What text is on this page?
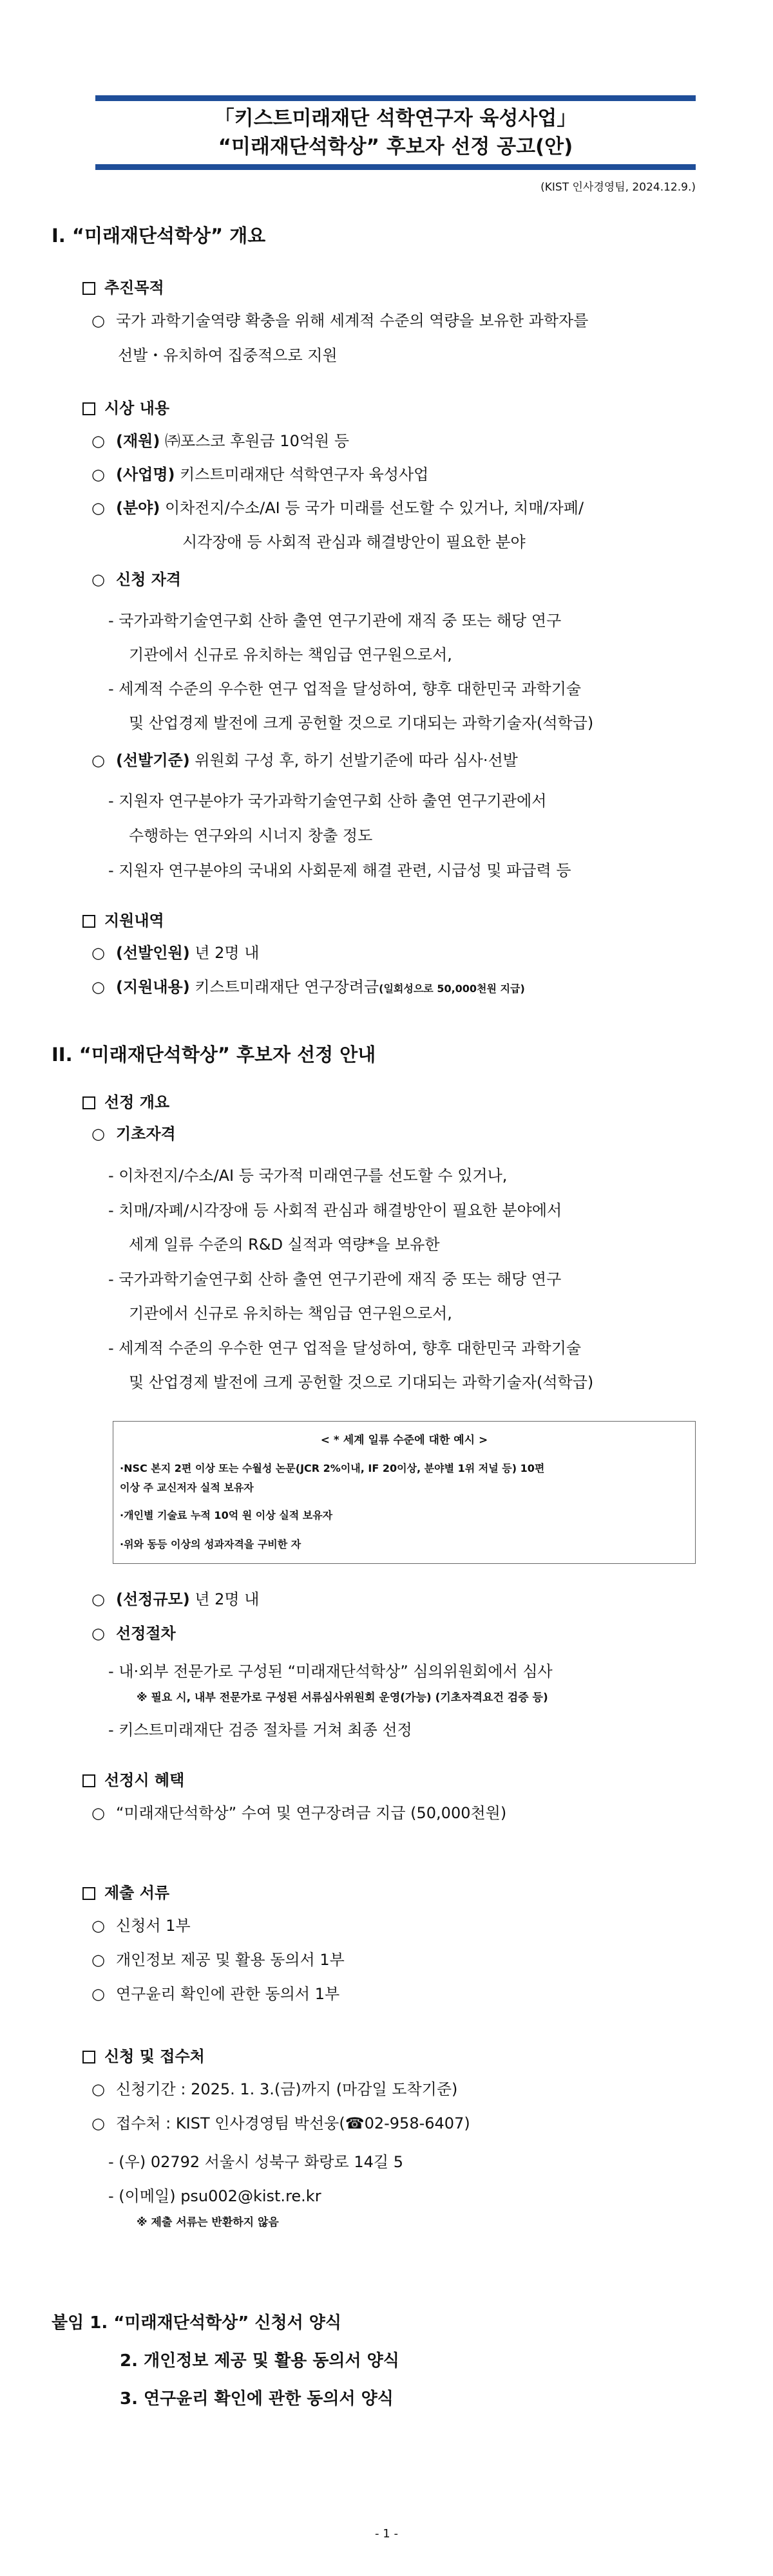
「키스트미래재단 석학연구자 육성사업」
“미래재단석학상” 후보자 선정 공고(안)
(KIST 인사경영팀, 2024.12.9.)
I. “미래재단석학상” 개요
추진목적
○ 국가 과학기술역량 확충을 위해 세계적 수준의 역량을 보유한 과학자를
선발・유치하여 집중적으로 지원
시상 내용
○ (재원) ㈜포스코 후원금 10억원 등
○ (사업명) 키스트미래재단 석학연구자 육성사업
○ (분야) 이차전지/수소/AI 등 국가 미래를 선도할 수 있거나, 치매/자폐/
시각장애 등 사회적 관심과 해결방안이 필요한 분야
○ 신청 자격
- 국가과학기술연구회 산하 출연 연구기관에 재직 중 또는 해당 연구
기관에서 신규로 유치하는 책임급 연구원으로서,
- 세계적 수준의 우수한 연구 업적을 달성하여, 향후 대한민국 과학기술
및 산업경제 발전에 크게 공헌할 것으로 기대되는 과학기술자(석학급)
○ (선발기준) 위원회 구성 후, 하기 선발기준에 따라 심사·선발
- 지원자 연구분야가 국가과학기술연구회 산하 출연 연구기관에서
수행하는 연구와의 시너지 창출 정도
- 지원자 연구분야의 국내외 사회문제 해결 관련, 시급성 및 파급력 등
지원내역
○ (선발인원) 년 2명 내
○ (지원내용) 키스트미래재단 연구장려금(일회성으로 50,000천원 지급)
II. “미래재단석학상” 후보자 선정 안내
선정 개요
○ 기초자격
- 이차전지/수소/AI 등 국가적 미래연구를 선도할 수 있거나,
- 치매/자폐/시각장애 등 사회적 관심과 해결방안이 필요한 분야에서
세계 일류 수준의 R&D 실적과 역량*을 보유한
- 국가과학기술연구회 산하 출연 연구기관에 재직 중 또는 해당 연구
기관에서 신규로 유치하는 책임급 연구원으로서,
- 세계적 수준의 우수한 연구 업적을 달성하여, 향후 대한민국 과학기술
및 산업경제 발전에 크게 공헌할 것으로 기대되는 과학기술자(석학급)
< * 세계 일류 수준에 대한 예시 >
·NSC 본지 2편 이상 또는 수월성 논문(JCR 2%이내, IF 20이상, 분야별 1위 저널 등) 10편
이상 주 교신저자 실적 보유자
·개인별 기술료 누적 10억 원 이상 실적 보유자
·위와 동등 이상의 성과자격을 구비한 자
○ (선정규모) 년 2명 내
○ 선정절차
- 내·외부 전문가로 구성된 “미래재단석학상” 심의위원회에서 심사
※ 필요 시, 내부 전문가로 구성된 서류심사위원회 운영(가능) (기초자격요건 검증 등)
- 키스트미래재단 검증 절차를 거쳐 최종 선정
선정시 혜택
○ “미래재단석학상” 수여 및 연구장려금 지급 (50,000천원)
제출 서류
○ 신청서 1부
○ 개인정보 제공 및 활용 동의서 1부
○ 연구윤리 확인에 관한 동의서 1부
신청 및 접수처
○ 신청기간 : 2025. 1. 3.(금)까지 (마감일 도착기준)
○ 접수처 : KIST 인사경영팀 박선웅(☎02-958-6407)
- (우) 02792 서울시 성북구 화랑로 14길 5
- (이메일) psu002@kist.re.kr
※ 제출 서류는 반환하지 않음
붙임 1. “미래재단석학상” 신청서 양식
2. 개인정보 제공 및 활용 동의서 양식
3. 연구윤리 확인에 관한 동의서 양식
- 1 -
